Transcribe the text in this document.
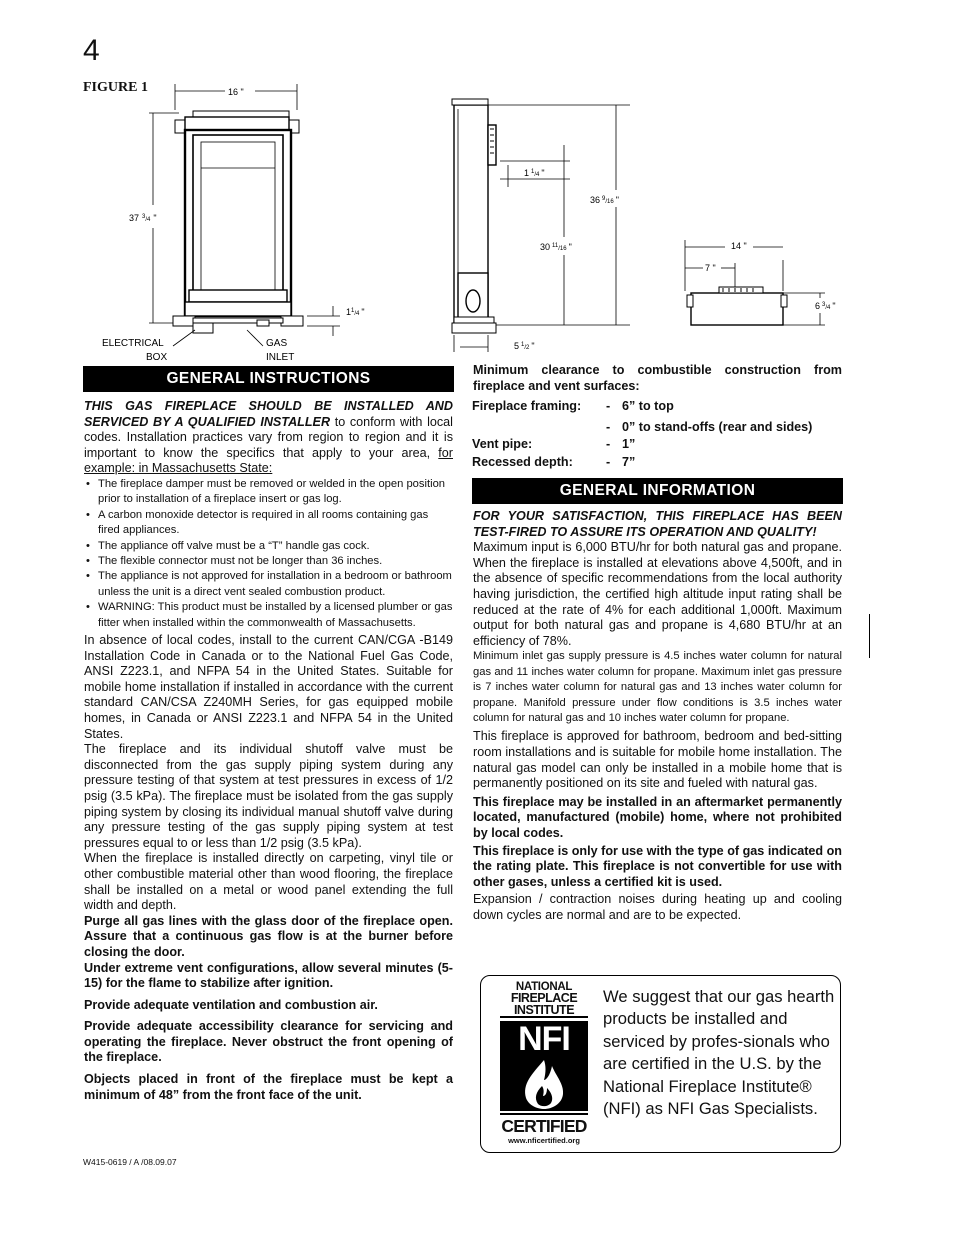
4
FIGURE 1	16 "
37 $^3_/$4 "
$1^1_/4$ "
ELECTRICAL
BOX
GAS
INLET
1 $^1_/$4 "
36 $^9_/$16 "
30 $^{11}_/$16 "
5 $^1_/$2 "
14 "
7 "
6 $^3_/$4 "
GENERAL INSTRUCTIONS

THIS GAS FIREPLACE SHOULD BE INSTALLED AND SERVICED BY A QUALIFIED INSTALLER to conform with local codes. Installation practices vary from region to region and it is important to know the specifics that apply to your area, for example: in Massachusetts State:

• The fireplace damper must be removed or welded in the open position prior to installation of a fireplace insert or gas log.
• A carbon monoxide detector is required in all rooms containing gas fired appliances.
• The appliance off valve must be a “T” handle gas cock.
• The flexible connector must not be longer than 36 inches.
• The appliance is not approved for installation in a bedroom or bathroom unless the unit is a direct vent sealed combustion product.
• WARNING: This product must be installed by a licensed plumber or gas fitter when installed within the commonwealth of Massachusetts.

In absence of local codes, install to the current CAN/CGA -B149 Installation Code in Canada or to the National Fuel Gas Code, ANSI Z223.1, and NFPA 54 in the United States. Suitable for mobile home installation if installed in accordance with the current standard CAN/CSA Z240MH Series, for gas equipped mobile homes, in Canada or ANSI Z223.1 and NFPA 54 in the United States.

The fireplace and its individual shutoff valve must be disconnected from the gas supply piping system during any pressure testing of that system at test pressures in excess of 1/2 psig (3.5 kPa). The fireplace must be isolated from the gas supply piping system by closing its individual manual shutoff valve during any pressure testing of the gas supply piping system at test pressures equal to or less than 1/2 psig (3.5 kPa).

When the fireplace is installed directly on carpeting, vinyl tile or other combustible material other than wood flooring, the fireplace shall be installed on a metal or wood panel extending the full width and depth.

Purge all gas lines with the glass door of the fireplace open. Assure that a continuous gas flow is at the burner before closing the door.

Under extreme vent configurations, allow several minutes (5-15) for the flame to stabilize after ignition.

Provide adequate ventilation and combustion air.

Provide adequate accessibility clearance for servicing and operating the fireplace. Never obstruct the front opening of the fireplace.

Objects placed in front of the fireplace must be kept a minimum of 48” from the front face of the unit.

Minimum clearance to combustible construction from fireplace and vent surfaces:
Fireplace framing:	-	6” to top
	-	0” to stand-offs (rear and sides)
Vent pipe:	-	1”
Recessed depth:	-	7”
GENERAL INFORMATION

FOR YOUR SATISFACTION, THIS FIREPLACE HAS BEEN TEST-FIRED TO ASSURE ITS OPERATION AND QUALITY!

Maximum input is 6,000 BTU/hr for both natural gas and propane. When the fireplace is installed at elevations above 4,500ft, and in the absence of specific recommendations from the local authority having jurisdiction, the certified high altitude input rating shall be reduced at the rate of 4% for each additional 1,000ft. Maximum output for both natural gas and propane is 4,680 BTU/hr at an efficiency of 78%.

Minimum inlet gas supply pressure is 4.5 inches water column for natural gas and 11 inches water column for propane. Maximum inlet gas pressure is 7 inches water column for natural gas and 13 inches water column for propane. Manifold pressure under flow conditions is 3.5 inches water column for natural gas and 10 inches water column for propane.

This fireplace is approved for bathroom, bedroom and bed-sitting room installations and is suitable for mobile home installation. The natural gas model can only be installed in a mobile home that is permanently positioned on its site and fueled with natural gas.

This fireplace may be installed in an aftermarket permanently located, manufactured (mobile) home, where not prohibited by local codes.

This fireplace is only for use with the type of gas indicated on the rating plate. This fireplace is not convertible for use with other gases, unless a certified kit is used.

Expansion / contraction noises during heating up and cooling down cycles are normal and are to be expected.

NATIONAL
FIREPLACE
INSTITUTE
NFI
CERTIFIED
www.nficertified.org
We suggest that our gas hearth products be installed and serviced by profes-sionals who are certified in the U.S. by the National Fireplace Institute® (NFI) as NFI Gas Specialists.
W415-0619 / A /08.09.07
